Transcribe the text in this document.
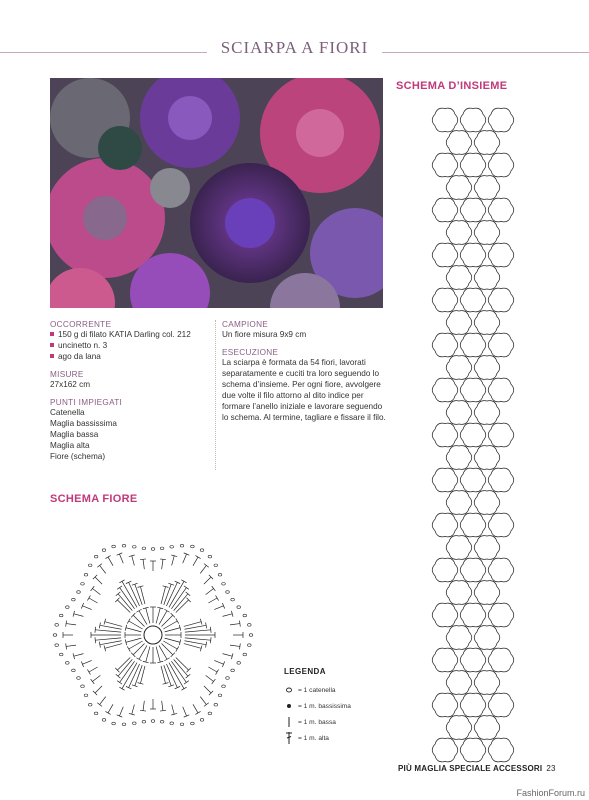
SCIARPA A FIORI
SCHEMA D’INSIEME
OCCORRENTE
150 g di filato KATIA Darling col. 212
uncinetto n. 3
ago da lana
MISURE
27x162 cm
PUNTI IMPIEGATI
Catenella
Maglia bassissima
Maglia bassa
Maglia alta
Fiore (schema)
CAMPIONE
Un fiore misura 9x9 cm
ESECUZIONE
La sciarpa è formata da 54 fiori, lavorati separatamente e cuciti tra loro seguendo lo schema d’insieme. Per ogni fiore, avvolgere due volte il filo attorno al dito indice per formare l’anello iniziale e lavorare seguendo lo schema. Al termine, tagliare e fissare il filo.
SCHEMA FIORE
LEGENDA
= 1 catenella
= 1 m. bassissima
= 1 m. bassa
= 1 m. alta
PIÙ MAGLIA SPECIALE ACCESSORI 23
FashionForum.ru
